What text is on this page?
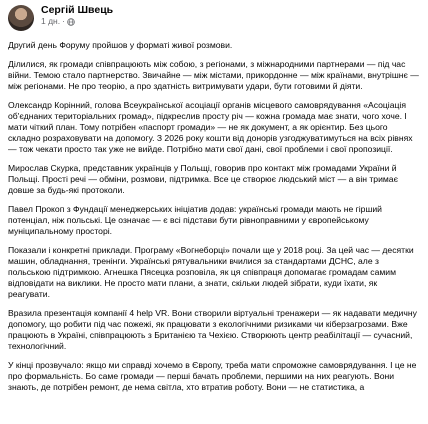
Сергій Швець
1 дн. ·

Другий день Форуму пройшов у форматі живої розмови.

Ділилися, як громади співпрацюють між собою, з регіонами, з міжнародними партнерами — під час війни. Темою стало партнерство. Звичайне — між містами, прикордонне — між країнами, внутрішнє — між регіонами. Не про теорію, а про здатність витримувати удари, бути готовими й діяти.

Олександр Корінний, голова Всеукраїнської асоціації органів місцевого самоврядування «Асоціація об'єднаних територіальних громад», підкреслив просту річ — кожна громада має знати, чого хоче. І мати чіткий план. Тому потрібен «паспорт громади» — не як документ, а як орієнтир. Без цього складно розраховувати на допомогу. З 2026 року кошти від донорів узгоджуватимуться на всіх рівнях — тож чекати просто так уже не вийде. Потрібно мати свої дані, свої проблеми і свої пропозиції.

Мирослав Скурка, представник українців у Польщі, говорив про контакт між громадами України й Польщі. Прості речі — обміни, розмови, підтримка. Все це створює людський міст — а він тримає довше за будь-які протоколи.

Павел Прокоп з Фундації менеджерських ініціатив додав: українські громади мають не гірший потенціал, ніж польські. Це означає — є всі підстави бути рівноправними у європейському муніципальному просторі.

Показали і конкретні приклади. Програму «Вогнеборці» почали ще у 2018 році. За цей час — десятки машин, обладнання, тренінги. Українські рятувальники вчилися за стандартами ДСНС, але з польською підтримкою. Агнешка Пясецка розповіла, як ця співпраця допомагає громадам самим відповідати на виклики. Не просто мати плани, а знати, скільки людей зібрати, куди їхати, як реагувати.

Вразила презентація компанії 4 help VR. Вони створили віртуальні тренажери — як надавати медичну допомогу, що робити під час пожежі, як працювати з екологічними ризиками чи кіберзагрозами. Вже працюють в Україні, співпрацюють з Британією та Чехією. Створюють центр реабілітації — сучасний, технологічний.

У кінці прозвучало: якщо ми справді хочемо в Європу, треба мати спроможне самоврядування. І це не про формальність. Бо саме громади — перші бачать проблеми, першими на них реагують. Вони знають, де потрібен ремонт, де нема світла, хто втратив роботу. Вони — не статистика, а
